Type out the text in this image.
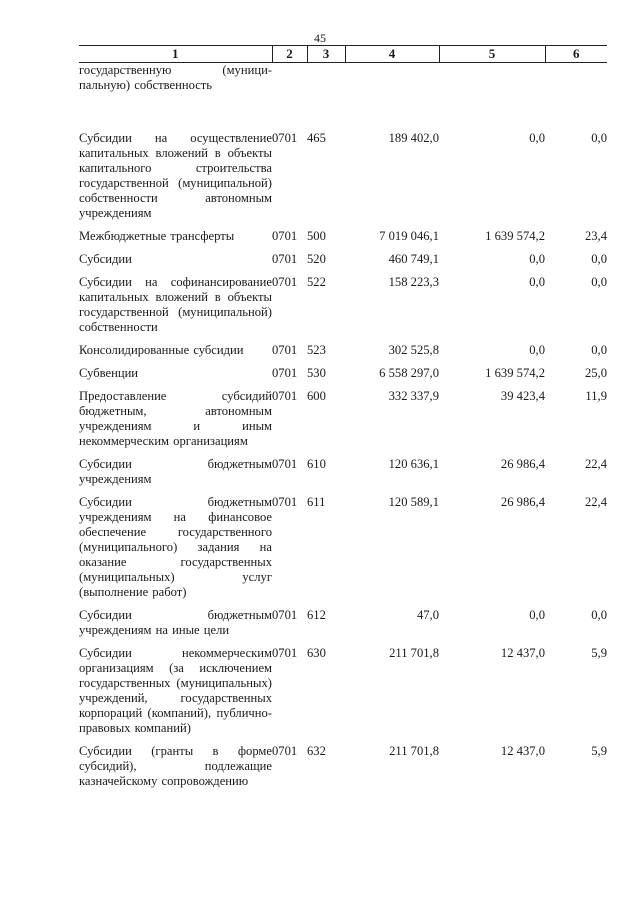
45
1	2	3	4	5	6
государственную (муници-пальную) собственность					
Субсидии на осуществление капитальных вложений в объекты капитального строительства государственной (муниципальной) собственности автономным учреждениям	0701	465	189 402,0	0,0	0,0
Межбюджетные трансферты	0701	500	7 019 046,1	1 639 574,2	23,4
Субсидии	0701	520	460 749,1	0,0	0,0
Субсидии на софинансирование капитальных вложений в объекты государственной (муниципальной) собственности	0701	522	158 223,3	0,0	0,0
Консолидированные субсидии	0701	523	302 525,8	0,0	0,0
Субвенции	0701	530	6 558 297,0	1 639 574,2	25,0
Предоставление субсидий бюджетным, автономным учреждениям и иным некоммерческим организациям	0701	600	332 337,9	39 423,4	11,9
Субсидии бюджетным учреждениям	0701	610	120 636,1	26 986,4	22,4
Субсидии бюджетным учреждениям на финансовое обеспечение государственного (муниципального) задания на оказание государственных (муниципальных) услуг (выполнение работ)	0701	611	120 589,1	26 986,4	22,4
Субсидии бюджетным учреждениям на иные цели	0701	612	47,0	0,0	0,0
Субсидии некоммерческим организациям (за исключением государственных (муниципальных) учреждений, государственных корпораций (компаний), публично-правовых компаний)	0701	630	211 701,8	12 437,0	5,9
Субсидии (гранты в форме субсидий), подлежащие казначейскому сопровождению	0701	632	211 701,8	12 437,0	5,9
